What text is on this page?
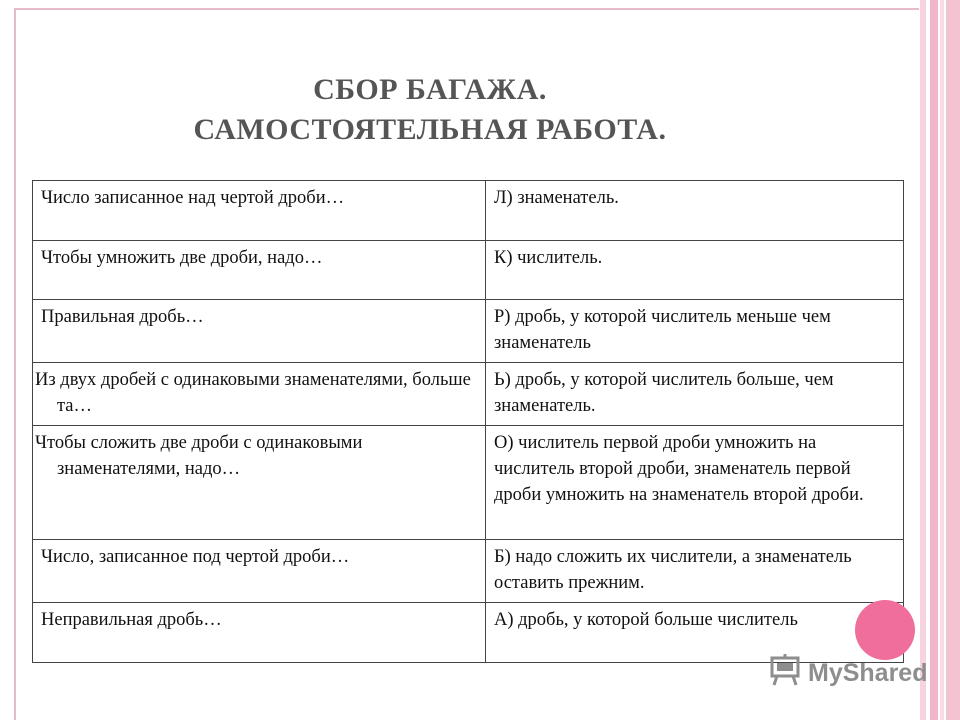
СБОР БАГАЖА.
САМОСТОЯТЕЛЬНАЯ РАБОТА.
Число записанное над чертой дроби…	Л) знаменатель.
Чтобы умножить две дроби, надо…	К) числитель.
Правильная дробь…	Р) дробь, у которой числитель меньше чем знаменатель
Из двух дробей с одинаковыми знаменателями, больше та…	Ь) дробь, у которой числитель больше, чем знаменатель.
Чтобы сложить две дроби с одинаковыми знаменателями, надо…	О) числитель первой дроби умножить на числитель второй дроби, знаменатель первой дроби умножить на знаменатель второй дроби.
Число, записанное под чертой дроби…	Б) надо сложить их числители, а знаменатель оставить прежним.
Неправильная дробь…	А) дробь, у которой больше числитель
MyShared
